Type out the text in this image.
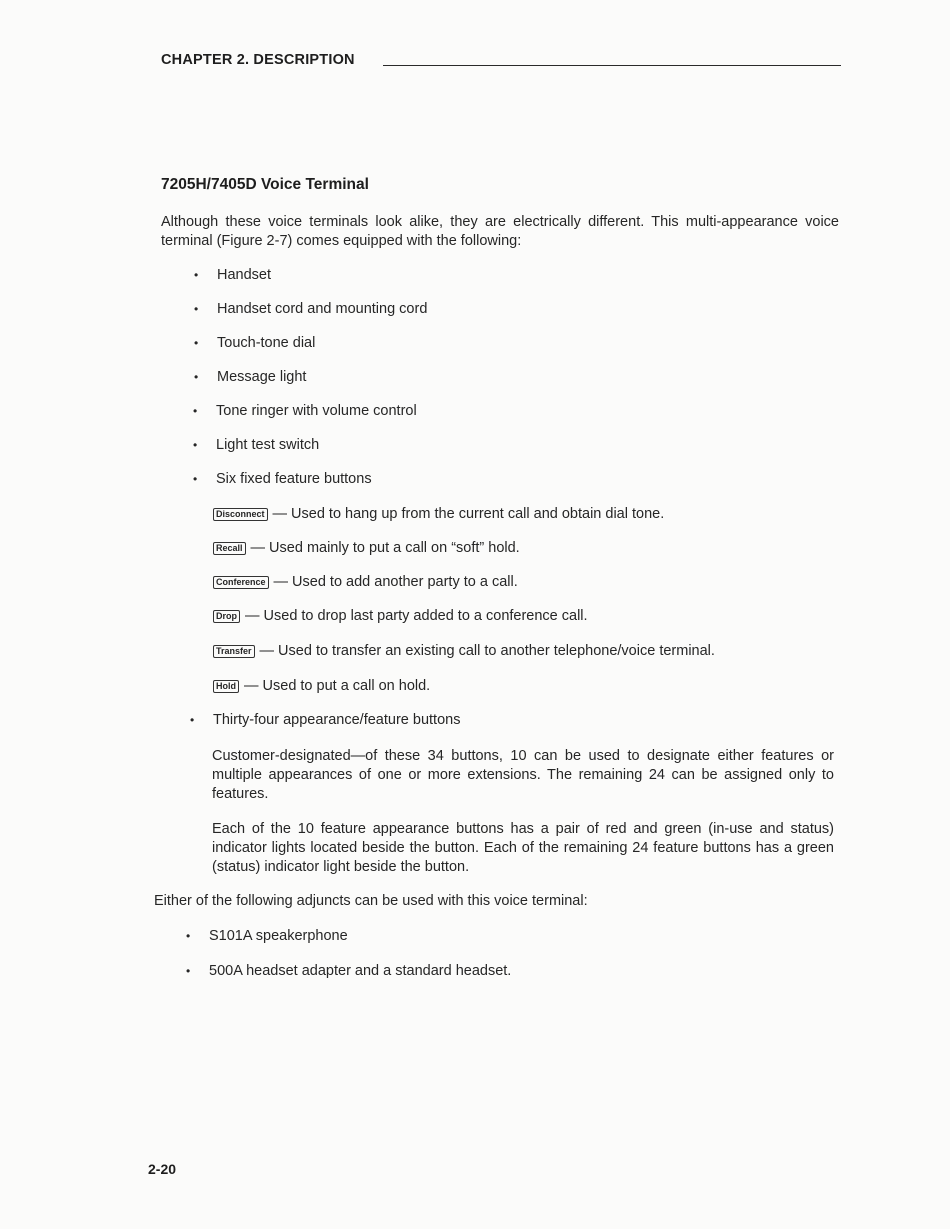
CHAPTER 2. DESCRIPTION
7205H/7405D Voice Terminal

Although these voice terminals look alike, they are electrically different. This multi-appearance voice terminal (Figure 2-7) comes equipped with the following:

• Handset
• Handset cord and mounting cord
• Touch-tone dial
• Message light
• Tone ringer with volume control
• Light test switch
• Six fixed feature buttons
Disconnect — Used to hang up from the current call and obtain dial tone.
Recall — Used mainly to put a call on “soft” hold.
Conference — Used to add another party to a call.
Drop — Used to drop last party added to a conference call.
Transfer — Used to transfer an existing call to another telephone/voice terminal.
Hold — Used to put a call on hold.
• Thirty-four appearance/feature buttons

Customer-designated—of these 34 buttons, 10 can be used to designate either features or multiple appearances of one or more extensions. The remaining 24 can be assigned only to features.

Each of the 10 feature appearance buttons has a pair of red and green (in-use and status) indicator lights located beside the button. Each of the remaining 24 feature buttons has a green (status) indicator light beside the button.

Either of the following adjuncts can be used with this voice terminal:

• S101A speakerphone
• 500A headset adapter and a standard headset.
2-20
